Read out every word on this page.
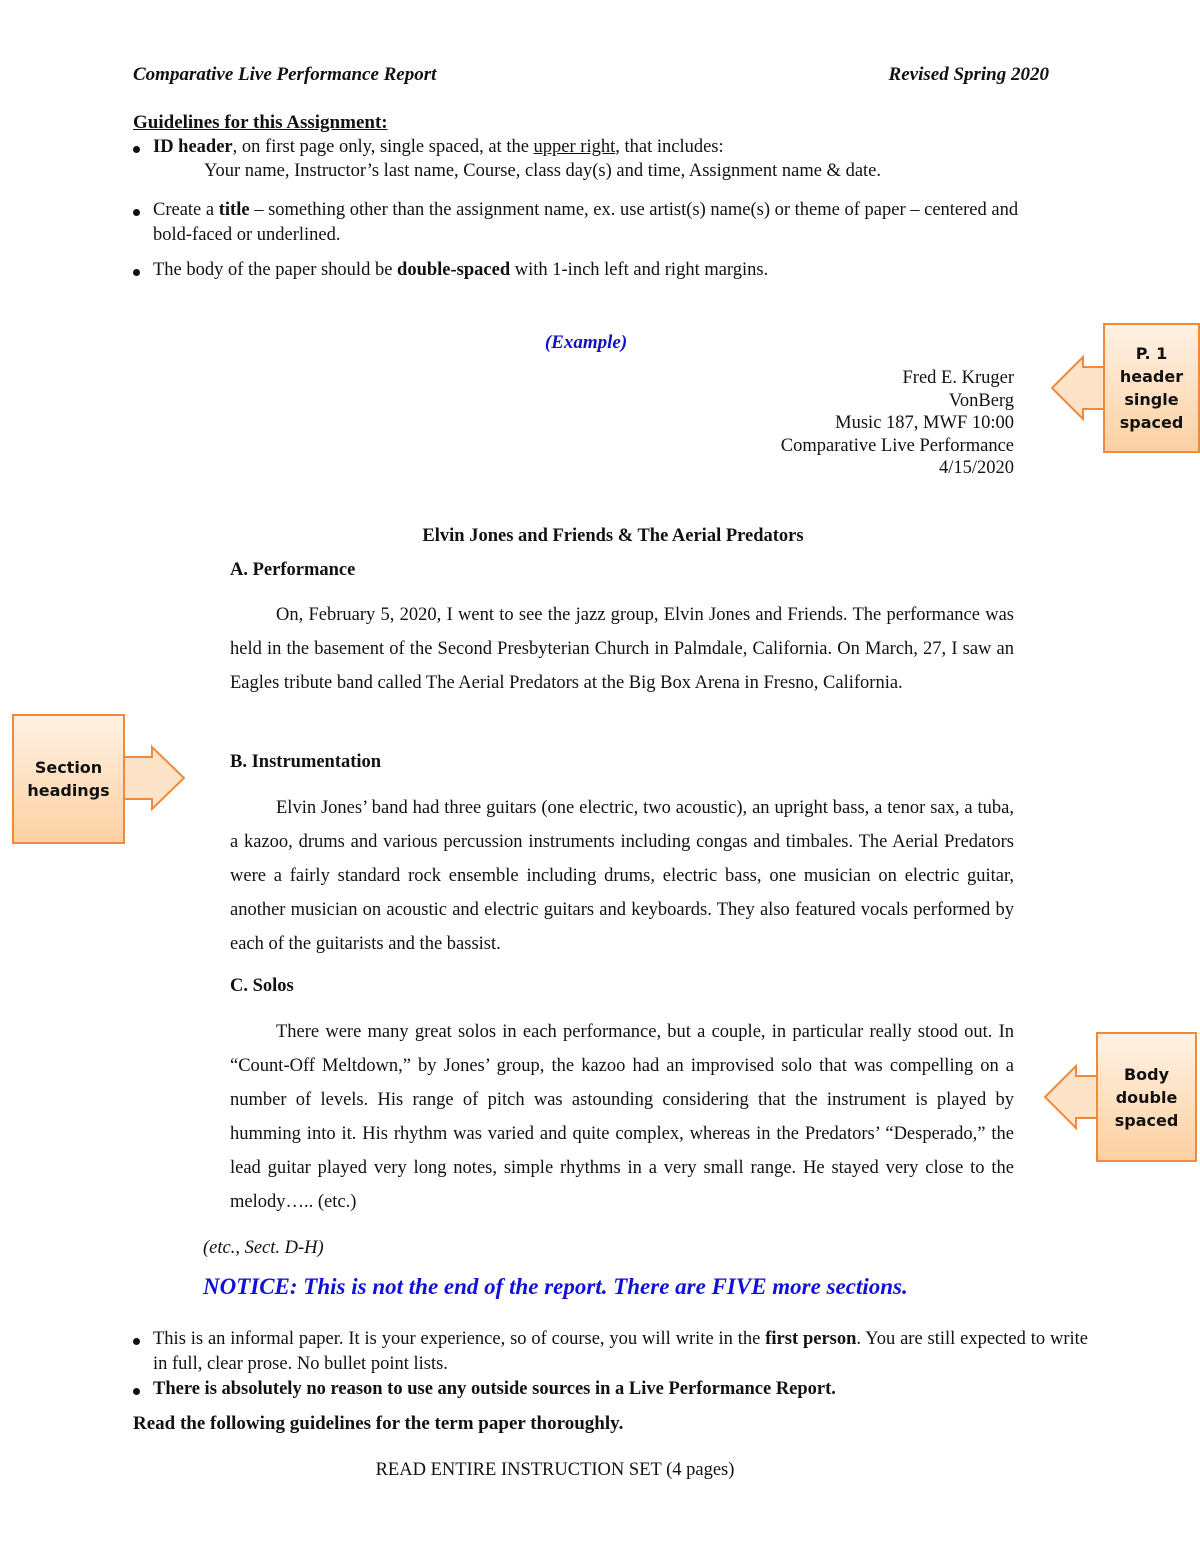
Comparative Live Performance Report	Revised Spring 2020
Guidelines for this Assignment:
ID header, on first page only, single spaced, at the upper right, that includes:
Your name, Instructor’s last name, Course, class day(s) and time, Assignment name & date.
Create a title – something other than the assignment name, ex. use artist(s) name(s) or theme of paper – centered and bold-faced or underlined.
The body of the paper should be double-spaced with 1-inch left and right margins.
(Example)
Fred E. Kruger
VonBerg
Music 187, MWF 10:00
Comparative Live Performance
4/15/2020
Elvin Jones and Friends & The Aerial Predators
A. Performance
On, February 5, 2020, I went to see the jazz group, Elvin Jones and Friends. The performance was held in the basement of the Second Presbyterian Church in Palmdale, California. On March, 27, I saw an Eagles tribute band called The Aerial Predators at the Big Box Arena in Fresno, California.
B. Instrumentation
Elvin Jones’ band had three guitars (one electric, two acoustic), an upright bass, a tenor sax, a tuba, a kazoo, drums and various percussion instruments including congas and timbales. The Aerial Predators were a fairly standard rock ensemble including drums, electric bass, one musician on electric guitar, another musician on acoustic and electric guitars and keyboards. They also featured vocals performed by each of the guitarists and the bassist.
C. Solos
There were many great solos in each performance, but a couple, in particular really stood out. In “Count-Off Meltdown,” by Jones’ group, the kazoo had an improvised solo that was compelling on a number of levels. His range of pitch was astounding considering that the instrument is played by humming into it. His rhythm was varied and quite complex, whereas in the Predators’ “Desperado,” the lead guitar played very long notes, simple rhythms in a very small range. He stayed very close to the melody….. (etc.)
(etc., Sect. D-H)
NOTICE: This is not the end of the report. There are FIVE more sections.
This is an informal paper. It is your experience, so of course, you will write in the first person. You are still expected to write in full, clear prose. No bullet point lists.
There is absolutely no reason to use any outside sources in a Live Performance Report.
Read the following guidelines for the term paper thoroughly.
READ ENTIRE INSTRUCTION SET (4 pages)
P. 1 header single spaced
Section headings
Body double spaced
